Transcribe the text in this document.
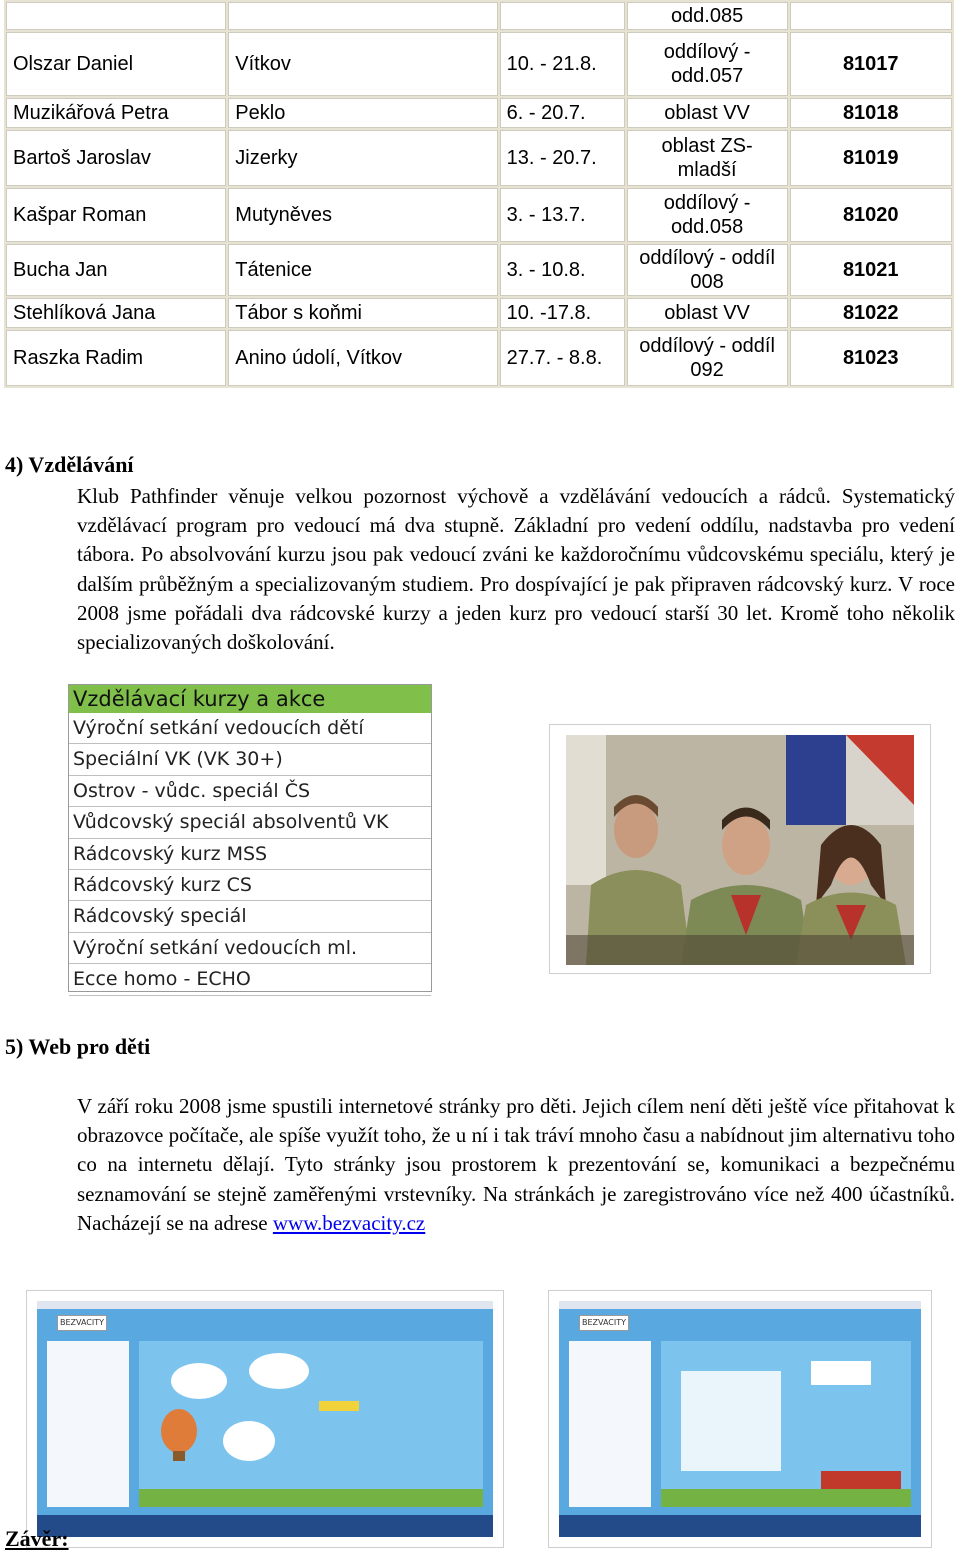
			odd.085	
Olszar Daniel	Vítkov	10. - 21.8.	oddílový - odd.057	81017
Muzikářová Petra	Peklo	6. - 20.7.	oblast VV	81018
Bartoš Jaroslav	Jizerky	13. - 20.7.	oblast ZS- mladší	81019
Kašpar Roman	Mutyněves	3. - 13.7.	oddílový - odd.058	81020
Bucha Jan	Tátenice	3. - 10.8.	oddílový - oddíl 008	81021
Stehlíková Jana	Tábor s koňmi	10. -17.8.	oblast VV	81022
Raszka Radim	Anino údolí, Vítkov	27.7. - 8.8.	oddílový - oddíl 092	81023
4) Vzdělávání
Klub Pathfinder věnuje velkou pozornost výchově a vzdělávání vedoucích a rádců. Systematický vzdělávací program pro vedoucí má dva stupně. Základní pro vedení oddílu, nadstavba pro vedení tábora. Po absolvování kurzu jsou pak vedoucí zváni ke každoročnímu vůdcovskému speciálu, který je dalším průběžným a specializovaným studiem. Pro dospívající je pak připraven rádcovský kurz. V roce 2008 jsme pořádali dva rádcovské kurzy a jeden kurz pro vedoucí starší 30 let. Kromě toho několik specializovaných doškolování.
Vzdělávací kurzy a akce
Výroční setkání vedoucích dětí
Speciální VK (VK 30+)
Ostrov - vůdc. speciál ČS
Vůdcovský speciál absolventů VK
Rádcovský kurz MSS
Rádcovský kurz CS
Rádcovský speciál
Výroční setkání vedoucích ml.
Ecce homo - ECHO
5) Web pro děti
V září roku 2008 jsme spustili internetové stránky pro děti. Jejich cílem není děti ještě více přitahovat k obrazovce počítače, ale spíše využít toho, že u ní i tak tráví mnoho času a nabídnout jim alternativu toho co na internetu dělají. Tyto stránky jsou prostorem k prezentování se, komunikaci a bezpečnému seznamování se stejně zaměřenými vrstevníky. Na stránkách je zaregistrováno více než 400 účastníků. Nacházejí se na adrese www.bezvacity.cz
BEZVACITY	BEZVACITY
Závěr:
